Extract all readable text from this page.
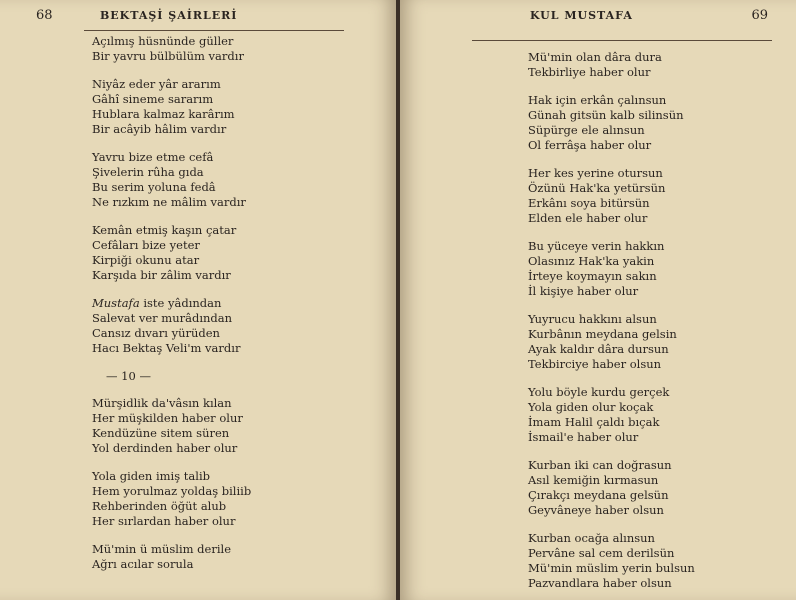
68	BEKTAŞİ ŞAİRLERİ
Açılmış hüsnünde güller
Bir yavru bülbülüm vardır
Niyâz eder yâr ararım
Gâhî sineme sararım
Hublara kalmaz karârım
Bir acâyib hâlim vardır
Yavru bize etme cefâ
Şivelerin rûha gıda
Bu serim yoluna fedâ
Ne rızkım ne mâlim vardır
Kemân etmiş kaşın çatar
Cefâları bize yeter
Kirpiği okunu atar
Karşıda bir zâlim vardır
Mustafa iste yâdından
Salevat ver murâdından
Cansız dıvarı yürüden
Hacı Bektaş Veli'm vardır
— 10 —
Mürşidlik da'vâsın kılan
Her müşkilden haber olur
Kendüzüne sitem süren
Yol derdinden haber olur
Yola giden imiş talib
Hem yorulmaz yoldaş biliib
Rehberinden öğüt alub
Her sırlardan haber olur
Mü'min ü müslim derile
Ağrı acılar sorula
KUL MUSTAFA	69
Mü'min olan dâra dura
Tekbirliye haber olur
Hak için erkân çalınsun
Günah gitsün kalb silinsün
Süpürge ele alınsun
Ol ferrâşa haber olur
Her kes yerine otursun
Özünü Hak'ka yetürsün
Erkânı soya bitürsün
Elden ele haber olur
Bu yüceye verin hakkın
Olasınız Hak'ka yakin
İrteye koymayın sakın
İl kişiye haber olur
Yuyrucu hakkını alsun
Kurbânın meydana gelsin
Ayak kaldır dâra dursun
Tekbirciye haber olsun
Yolu böyle kurdu gerçek
Yola giden olur koçak
İmam Halil çaldı bıçak
İsmail'e haber olur
Kurban iki can doğrasun
Asıl kemiğin kırmasun
Çırakçı meydana gelsün
Geyvâneye haber olsun
Kurban ocağa alınsun
Pervâne sal cem derilsün
Mü'min müslim yerin bulsun
Pazvandlara haber olsun
